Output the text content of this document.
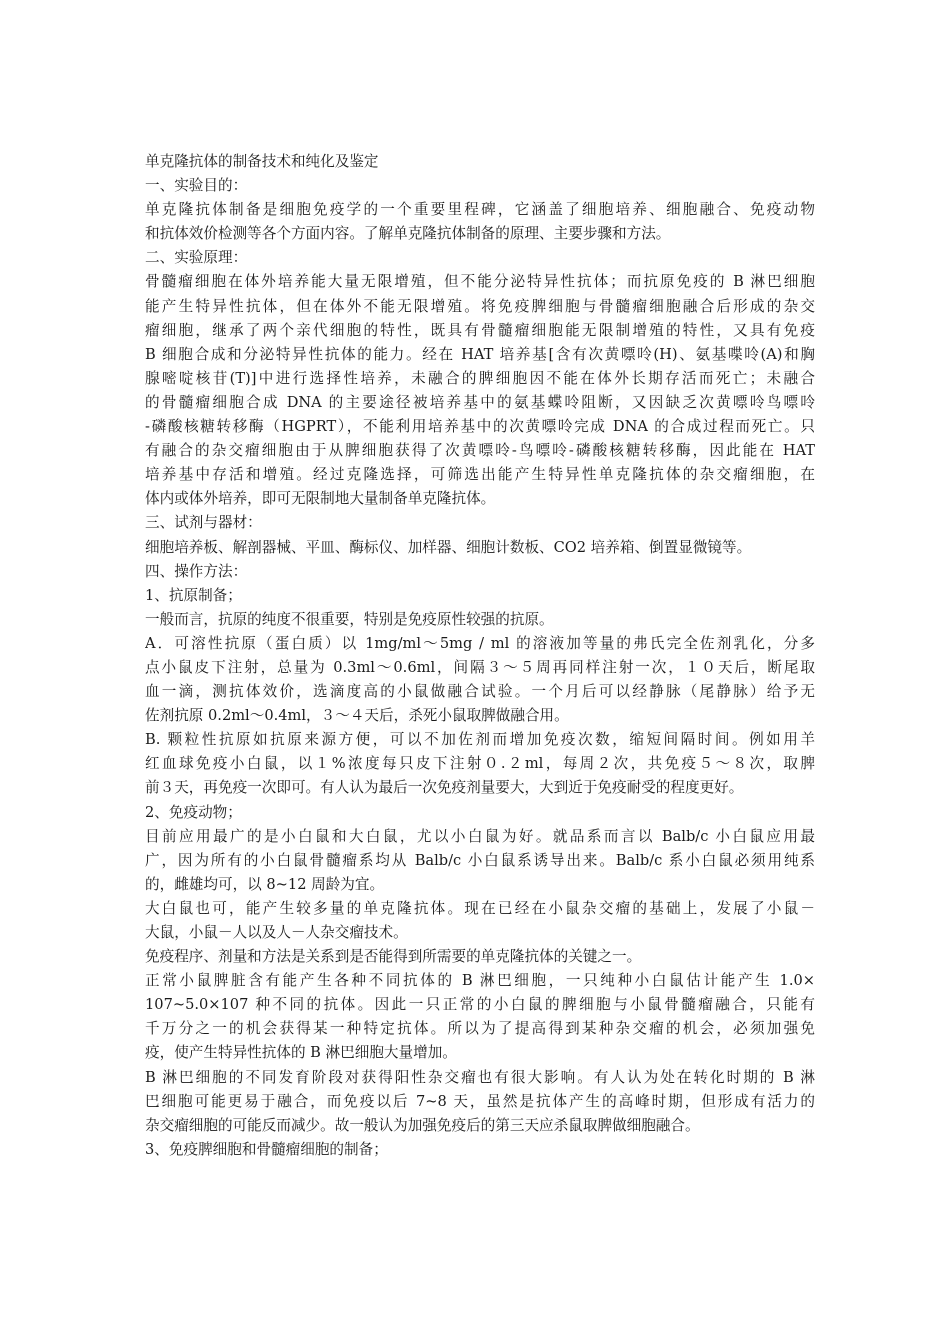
单克隆抗体的制备技术和纯化及鉴定
一、实验目的：
单克隆抗体制备是细胞免疫学的一个重要里程碑，它涵盖了细胞培养、细胞融合、免疫动物
和抗体效价检测等各个方面内容。了解单克隆抗体制备的原理、主要步骤和方法。
二、实验原理：
骨髓瘤细胞在体外培养能大量无限增殖，但不能分泌特异性抗体；而抗原免疫的 B 淋巴细胞
能产生特异性抗体，但在体外不能无限增殖。将免疫脾细胞与骨髓瘤细胞融合后形成的杂交
瘤细胞，继承了两个亲代细胞的特性，既具有骨髓瘤细胞能无限制增殖的特性，又具有免疫
B 细胞合成和分泌特异性抗体的能力。经在 HAT 培养基[含有次黄嘌呤(H)、氨基喋呤(A)和胸
腺嘧啶核苷(T)]中进行选择性培养，未融合的脾细胞因不能在体外长期存活而死亡；未融合
的骨髓瘤细胞合成 DNA 的主要途径被培养基中的氨基蝶呤阻断，又因缺乏次黄嘌呤鸟嘌呤
-磷酸核糖转移酶（HGPRT），不能利用培养基中的次黄嘌呤完成 DNA 的合成过程而死亡。只
有融合的杂交瘤细胞由于从脾细胞获得了次黄嘌呤-鸟嘌呤-磷酸核糖转移酶，因此能在 HAT
培养基中存活和增殖。经过克隆选择，可筛选出能产生特异性单克隆抗体的杂交瘤细胞，在
体内或体外培养，即可无限制地大量制备单克隆抗体。
三、试剂与器材：
细胞培养板、解剖器械、平皿、酶标仪、加样器、细胞计数板、CO2 培养箱、倒置显微镜等。
四、操作方法：
1、抗原制备；
一般而言，抗原的纯度不很重要，特别是免疫原性较强的抗原。
A．可溶性抗原（蛋白质）以 1mg/ml～5mg / ml 的溶液加等量的弗氏完全佐剂乳化，分多
点小鼠皮下注射，总量为 0.3ml～0.6ml，间隔３～５周再同样注射一次，１０天后，断尾取
血一滴，测抗体效价，选滴度高的小鼠做融合试验。一个月后可以经静脉（尾静脉）给予无
佐剂抗原 0.2ml～0.4ml，３～４天后，杀死小鼠取脾做融合用。
B. 颗粒性抗原如抗原来源方便，可以不加佐剂而增加免疫次数，缩短间隔时间。例如用羊
红血球免疫小白鼠，以１%浓度每只皮下注射０.２ml，每周２次，共免疫５～８次，取脾
前３天，再免疫一次即可。有人认为最后一次免疫剂量要大，大到近于免疫耐受的程度更好。
2、免疫动物；
目前应用最广的是小白鼠和大白鼠，尤以小白鼠为好。就品系而言以 Balb/c 小白鼠应用最
广，因为所有的小白鼠骨髓瘤系均从 Balb/c 小白鼠系诱导出来。Balb/c 系小白鼠必须用纯系
的，雌雄均可，以 8~12 周龄为宜。
大白鼠也可，能产生较多量的单克隆抗体。现在已经在小鼠杂交瘤的基础上，发展了小鼠－
大鼠，小鼠－人以及人－人杂交瘤技术。
免疫程序、剂量和方法是关系到是否能得到所需要的单克隆抗体的关键之一。
正常小鼠脾脏含有能产生各种不同抗体的 B 淋巴细胞，一只纯种小白鼠估计能产生 1.0×
107~5.0×107 种不同的抗体。因此一只正常的小白鼠的脾细胞与小鼠骨髓瘤融合，只能有
千万分之一的机会获得某一种特定抗体。所以为了提高得到某种杂交瘤的机会，必须加强免
疫，使产生特异性抗体的 B 淋巴细胞大量增加。
B 淋巴细胞的不同发育阶段对获得阳性杂交瘤也有很大影响。有人认为处在转化时期的 B 淋
巴细胞可能更易于融合，而免疫以后 7~8 天，虽然是抗体产生的高峰时期，但形成有活力的
杂交瘤细胞的可能反而减少。故一般认为加强免疫后的第三天应杀鼠取脾做细胞融合。
3、免疫脾细胞和骨髓瘤细胞的制备；
